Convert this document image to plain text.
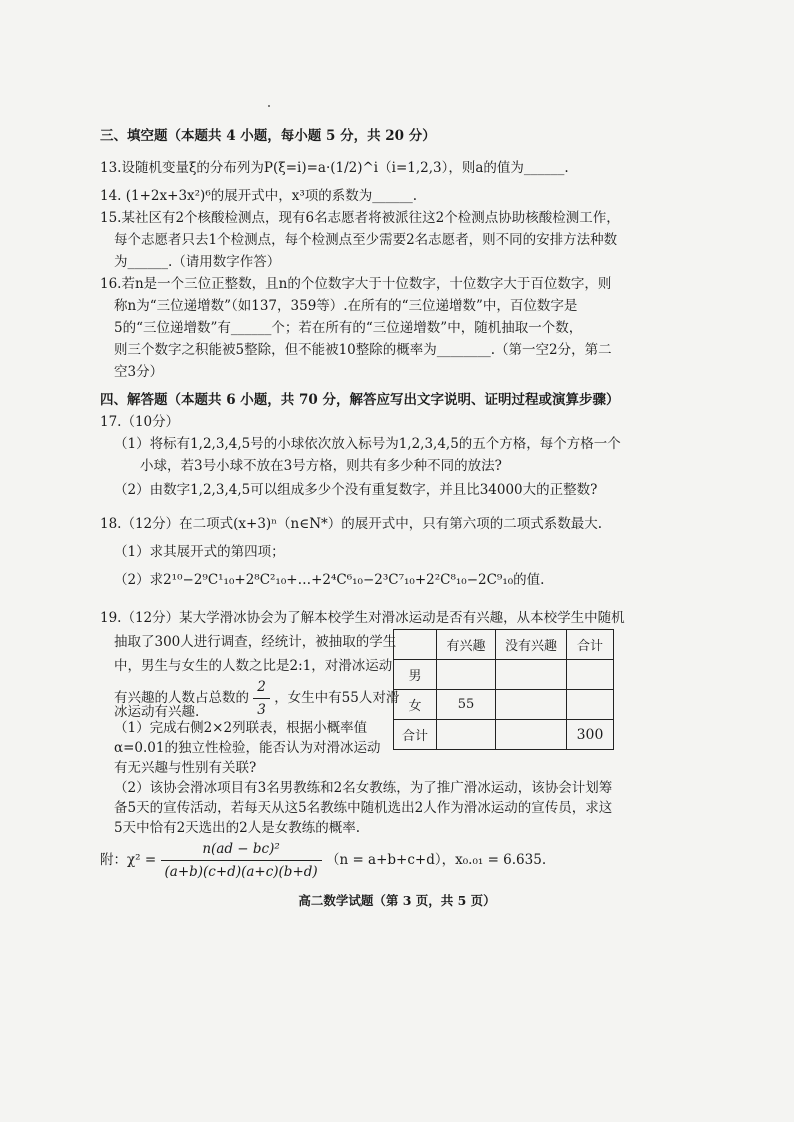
三、填空题（本题共 4 小题，每小题 5 分，共 20 分）
13.设随机变量ξ的分布列为P(ξ=i)=a·(1/2)^i（i=1,2,3），则a的值为______.
14. (1+2x+3x²)⁶的展开式中，x³项的系数为______.
15.某社区有2个核酸检测点，现有6名志愿者将被派往这2个检测点协助核酸检测工作，
每个志愿者只去1个检测点，每个检测点至少需要2名志愿者，则不同的安排方法种数
为______.（请用数字作答）
16.若n是一个三位正整数，且n的个位数字大于十位数字，十位数字大于百位数字，则
称n为“三位递增数”（如137，359等）.在所有的“三位递增数”中，百位数字是
5的“三位递增数”有______个；若在所有的“三位递增数”中，随机抽取一个数，
则三个数字之积能被5整除，但不能被10整除的概率为________.（第一空2分，第二
空3分）
四、解答题（本题共 6 小题，共 70 分，解答应写出文字说明、证明过程或演算步骤）
17.（10分）
（1）将标有1,2,3,4,5号的小球依次放入标号为1,2,3,4,5的五个方格，每个方格一个
小球，若3号小球不放在3号方格，则共有多少种不同的放法?
（2）由数字1,2,3,4,5可以组成多少个没有重复数字，并且比34000大的正整数?
18.（12分）在二项式(x+3)ⁿ（n∈N*）的展开式中，只有第六项的二项式系数最大.
（1）求其展开式的第四项；
（2）求2¹⁰−2⁹C¹₁₀+2⁸C²₁₀+…+2⁴C⁶₁₀−2³C⁷₁₀+2²C⁸₁₀−2C⁹₁₀的值.
19.（12分）某大学滑冰协会为了解本校学生对滑冰运动是否有兴趣，从本校学生中随机
抽取了300人进行调查，经统计，被抽取的学生
中，男生与女生的人数之比是2:1，对滑冰运动
有兴趣的人数占总数的 $\frac{2}{3}$ ，女生中有55人对滑
冰运动有兴趣.
（1）完成右侧2×2列联表，根据小概率值
α=0.01的独立性检验，能否认为对滑冰运动
有无兴趣与性别有关联?
（2）该协会滑冰项目有3名男教练和2名女教练，为了推广滑冰运动，该协会计划筹
备5天的宣传活动，若每天从这5名教练中随机选出2人作为滑冰运动的宣传员，求这
5天中恰有2天选出的2人是女教练的概率.
	有兴趣	没有兴趣	合计
男			
女	55		
合计			300
附：$\chi^2 = \frac{\text{n(ad − bc)²}}{(a+b)(c+d)(a+c)(b+d)} (n = a+b+c+d)$，x₀.₀₁ = 6.635.
高二数学试题（第 3 页，共 5 页）
